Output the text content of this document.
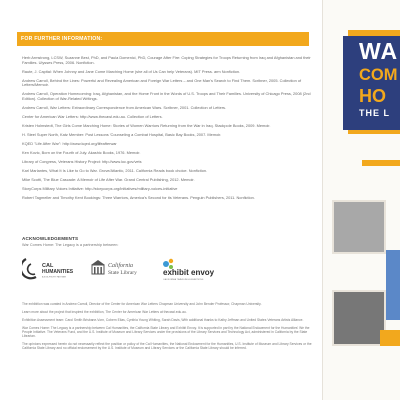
FOR FURTHER INFORMATION:

Herb Armstrong, LCSW, Suzanne Best, PhD, and Paula Domenici, PhD, Courage After Fire: Coping Strategies for Troops Returning from Iraq and Afghanistan and their Families. Ulysses Press, 2006. Nonfiction.

Raute, J. Capital: When Johnny and Jane Come Marching Home (she all of Us Can help Veterans). MIT Press. arm Nonfiction.

Andrew Carroll, Behind the Lines: Powerful and Revealing American and Foreign War Letters – and One Man's Search to Find Them. Scribner, 2005. Collection of Letters/Memoir.

Andrew Carroll, Operation Homecoming: Iraq, Afghanistan, and the Home Front in the Words of U.S. Troops and Their Families. University of Chicago Press, 2008 (2nd Edition). Collection of War-Related Writings.

Andrew Carroll, War Letters: Extraordinary Correspondence from American Wars. Scribner, 2001. Collection of Letters.

Center for American War Letters: http://www.thecawl.edu.au. Collection of Letters.

Kristen Holmstedt, The Girls Come Marching Home: Stories of Women Warriors Returning from the War in Iraq. Stackpole Books, 2009. Memoir.

H. Steel Super North, Katz Member: Post Lessons 'Counseling a Combat Hospital, Basic Bay Books, 2007. Memoir.

KQED "Life After War": http://www.kqed.org/lifeafterwar

Ken Kovic, Born on the Fourth of July. Akashic Books, 1976. Memoir.

Library of Congress, Veterans History Project: http://www.loc.gov/vets

Karl Marlantes, What It Is Like to Go to War. Grove/Atlantic, 2011. California Reads book choice. Nonfiction.

Mike Scotti, The Blue Cascade: A Memoir of Life After War. Grand Central Publishing, 2012. Memoir.

StoryCorps Military Voices Initiative: http://storycorps.org/initiatives/military-voices-initiative

Robert Tagmeller and Timothy Kent Bookings: Three Warriors, America's Second for its Veterans. Penguin Publishers, 2011. Nonfiction.

ACKNOWLEDGEMENTS
War Comes Home: The Legacy is a partnership between:
CAL
HUMANITIES
A NON-PROFIT PARTNER
California
State Library	exhibit envoy
CALIFORNIA TRAVELING EXHIBITIONS

The exhibition was curated in Andrew Carroll, Director of the Center for American War Letters Chapman University and John Bender Professor, Chapman University.

Learn more about the project that inspired the exhibition, The Center for American War Letters at thecawl.edu.au.

Exhibition Assessment team: Carol Smith Brisbane-Vorn, Cobern Elias, Cynthia Young Whiting, Sarah Davis, With additional thanks to Kathy Jeffman and United States Veterans Artists Alliance.

War Comes Home: The Legacy is a partnership between Cal Humanities, the California State Library and Exhibit Envoy. It is supported in part by the National Endowment for the Humanities' We the People Initiative. The Veterans Fund, and the U.S. Institute of Museum and Library Services under the provisions of the Library Services and Technology Act, administered in California by the State Librarian.

The opinions expressed herein do not necessarily reflect the position or policy of the Cal Humanities, the National Endowment for the Humanities, U.S. Institute of Museum and Library Services or the California State Library and no official endorsement by the U.S. Institute of Museum and Library Services or the California State Library should be inferred.

WA
COM
HO
THE L
